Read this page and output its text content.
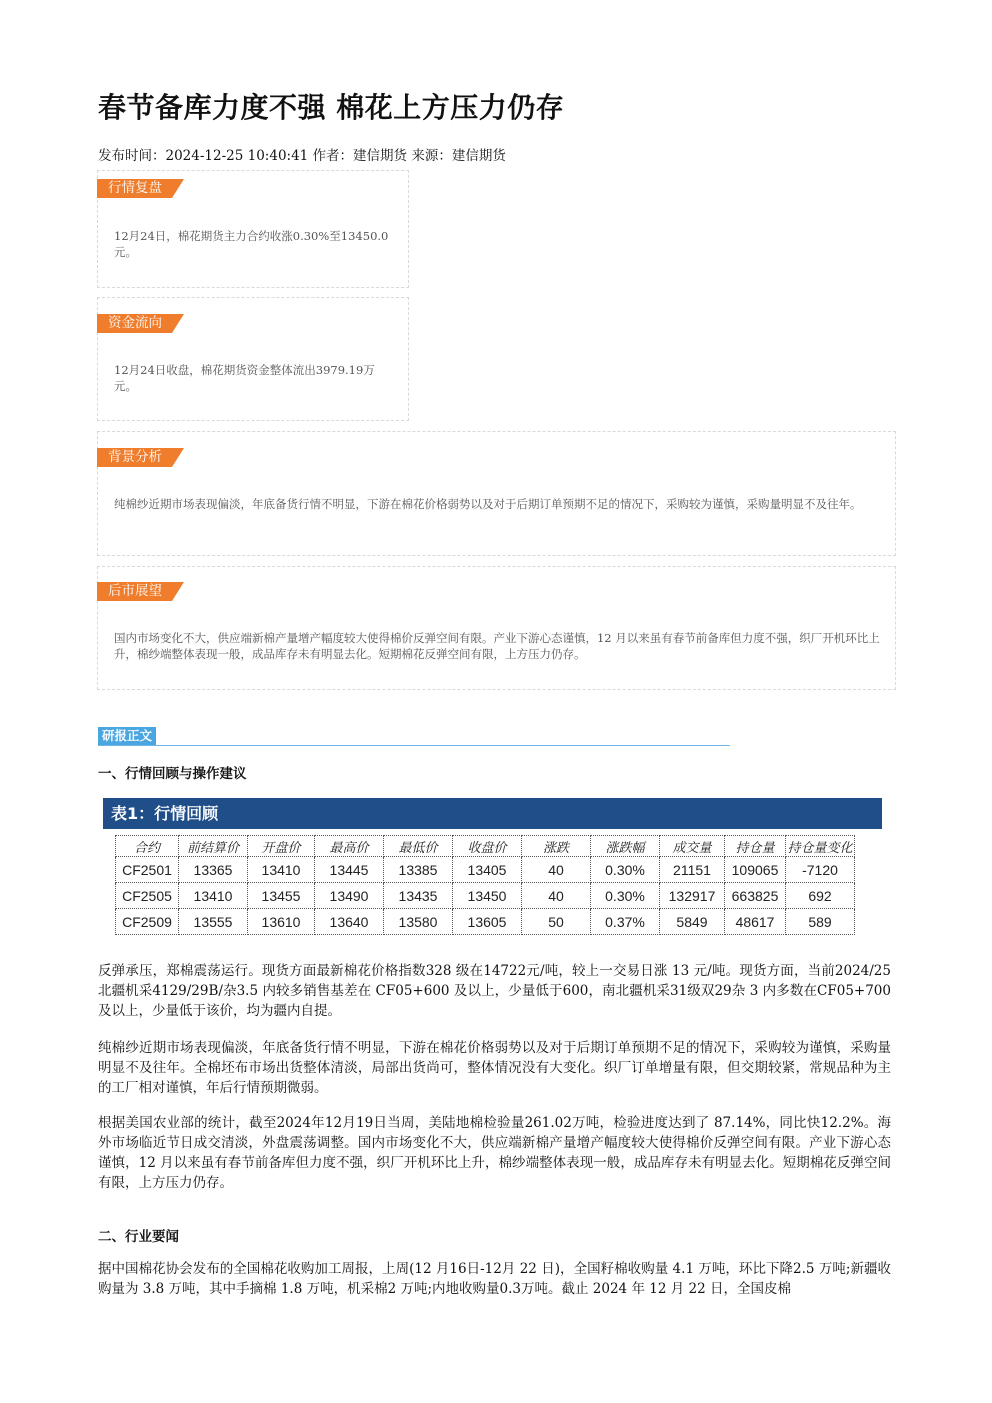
春节备库力度不强 棉花上方压力仍存
发布时间：2024-12-25 10:40:41 作者：建信期货 来源：建信期货
行情复盘
12月24日，棉花期货主力合约收涨0.30%至13450.0元。
资金流向
12月24日收盘，棉花期货资金整体流出3979.19万元。
背景分析
纯棉纱近期市场表现偏淡，年底备货行情不明显，下游在棉花价格弱势以及对于后期订单预期不足的情况下，采购较为谨慎，采购量明显不及往年。
后市展望
国内市场变化不大，供应端新棉产量增产幅度较大使得棉价反弹空间有限。产业下游心态谨慎，12 月以来虽有春节前备库但力度不强，织厂开机环比上升，棉纱端整体表现一般，成品库存未有明显去化。短期棉花反弹空间有限，上方压力仍存。
研报正文
一、行情回顾与操作建议
表1：行情回顾
合约	前结算价	开盘价	最高价	最低价	收盘价	涨跌	涨跌幅	成交量	持仓量	持仓量变化
CF2501	13365	13410	13445	13385	13405	40	0.30%	21151	109065	-7120
CF2505	13410	13455	13490	13435	13450	40	0.30%	132917	663825	692
CF2509	13555	13610	13640	13580	13605	50	0.37%	5849	48617	589

反弹承压，郑棉震荡运行。现货方面最新棉花价格指数328 级在14722元/吨，较上一交易日涨 13 元/吨。现货方面，当前2024/25 北疆机采4129/29B/杂3.5 内较多销售基差在 CF05+600 及以上，少量低于600，南北疆机采31级双29杂 3 内多数在CF05+700 及以上，少量低于该价，均为疆内自提。

纯棉纱近期市场表现偏淡，年底备货行情不明显，下游在棉花价格弱势以及对于后期订单预期不足的情况下，采购较为谨慎，采购量明显不及往年。全棉坯布市场出货整体清淡，局部出货尚可，整体情况没有大变化。织厂订单增量有限，但交期较紧，常规品种为主的工厂相对谨慎，年后行情预期微弱。

根据美国农业部的统计，截至2024年12月19日当周，美陆地棉检验量261.02万吨，检验进度达到了 87.14%，同比快12.2%。海外市场临近节日成交清淡，外盘震荡调整。国内市场变化不大，供应端新棉产量增产幅度较大使得棉价反弹空间有限。产业下游心态谨慎，12 月以来虽有春节前备库但力度不强，织厂开机环比上升，棉纱端整体表现一般，成品库存未有明显去化。短期棉花反弹空间有限，上方压力仍存。

二、行业要闻

据中国棉花协会发布的全国棉花收购加工周报，上周(12 月16日-12月 22 日)，全国籽棉收购量 4.1 万吨，环比下降2.5 万吨;新疆收购量为 3.8 万吨，其中手摘棉 1.8 万吨，机采棉2 万吨;内地收购量0.3万吨。截止 2024 年 12 月 22 日，全国皮棉
